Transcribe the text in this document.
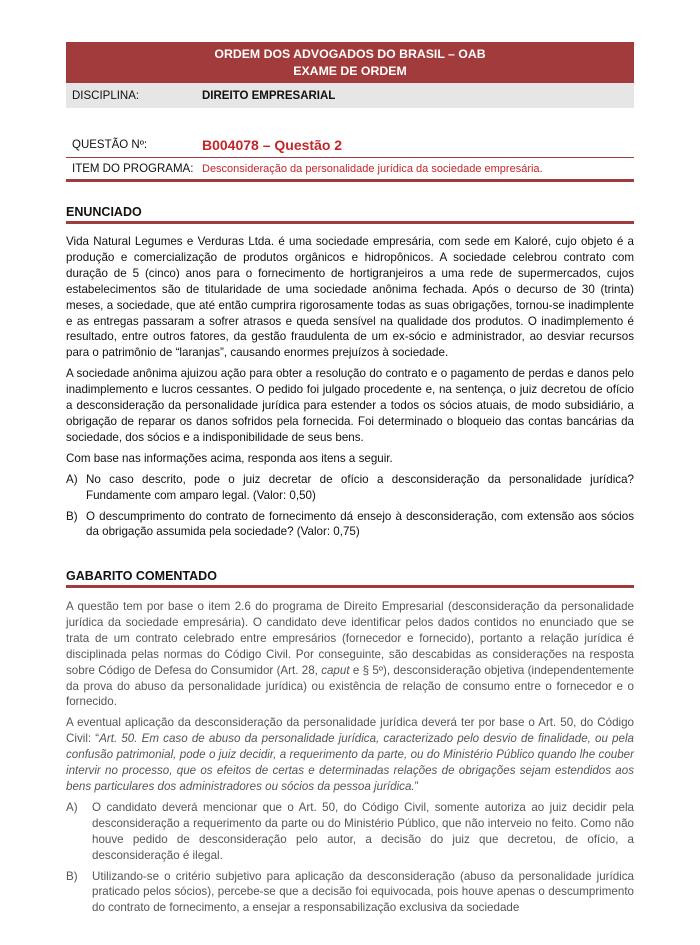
ORDEM DOS ADVOGADOS DO BRASIL – OAB
EXAME DE ORDEM
DISCIPLINA:	DIREITO EMPRESARIAL
QUESTÃO Nº:	B004078 – Questão 2
ITEM DO PROGRAMA: Desconsideração da personalidade jurídica da sociedade empresária.
ENUNCIADO

Vida Natural Legumes e Verduras Ltda. é uma sociedade empresária, com sede em Kaloré, cujo objeto é a produção e comercialização de produtos orgânicos e hidropônicos. A sociedade celebrou contrato com duração de 5 (cinco) anos para o fornecimento de hortigranjeiros a uma rede de supermercados, cujos estabelecimentos são de titularidade de uma sociedade anônima fechada. Após o decurso de 30 (trinta) meses, a sociedade, que até então cumprira rigorosamente todas as suas obrigações, tornou-se inadimplente e as entregas passaram a sofrer atrasos e queda sensível na qualidade dos produtos. O inadimplemento é resultado, entre outros fatores, da gestão fraudulenta de um ex-sócio e administrador, ao desviar recursos para o patrimônio de “laranjas”, causando enormes prejuízos à sociedade.

A sociedade anônima ajuizou ação para obter a resolução do contrato e o pagamento de perdas e danos pelo inadimplemento e lucros cessantes. O pedido foi julgado procedente e, na sentença, o juiz decretou de ofício a desconsideração da personalidade jurídica para estender a todos os sócios atuais, de modo subsidiário, a obrigação de reparar os danos sofridos pela fornecida. Foi determinado o bloqueio das contas bancárias da sociedade, dos sócios e a indisponibilidade de seus bens.

Com base nas informações acima, responda aos itens a seguir.

A) No caso descrito, pode o juiz decretar de ofício a desconsideração da personalidade jurídica? Fundamente com amparo legal. (Valor: 0,50)
B) O descumprimento do contrato de fornecimento dá ensejo à desconsideração, com extensão aos sócios da obrigação assumida pela sociedade? (Valor: 0,75)
GABARITO COMENTADO

A questão tem por base o item 2.6 do programa de Direito Empresarial (desconsideração da personalidade jurídica da sociedade empresária). O candidato deve identificar pelos dados contidos no enunciado que se trata de um contrato celebrado entre empresários (fornecedor e fornecido), portanto a relação jurídica é disciplinada pelas normas do Código Civil. Por conseguinte, são descabidas as considerações na resposta sobre Código de Defesa do Consumidor (Art. 28, caput e § 5º), desconsideração objetiva (independentemente da prova do abuso da personalidade jurídica) ou existência de relação de consumo entre o fornecedor e o fornecido.

A eventual aplicação da desconsideração da personalidade jurídica deverá ter por base o Art. 50, do Código Civil: “Art. 50. Em caso de abuso da personalidade jurídica, caracterizado pelo desvio de finalidade, ou pela confusão patrimonial, pode o juiz decidir, a requerimento da parte, ou do Ministério Público quando lhe couber intervir no processo, que os efeitos de certas e determinadas relações de obrigações sejam estendidos aos bens particulares dos administradores ou sócios da pessoa jurídica.”

A)	O candidato deverá mencionar que o Art. 50, do Código Civil, somente autoriza ao juiz decidir pela desconsideração a requerimento da parte ou do Ministério Público, que não interveio no feito. Como não houve pedido de desconsideração pelo autor, a decisão do juiz que decretou, de ofício, a desconsideração é ilegal.
B)	Utilizando-se o critério subjetivo para aplicação da desconsideração (abuso da personalidade jurídica praticado pelos sócios), percebe-se que a decisão foi equivocada, pois houve apenas o descumprimento do contrato de fornecimento, a ensejar a responsabilização exclusiva da sociedade
